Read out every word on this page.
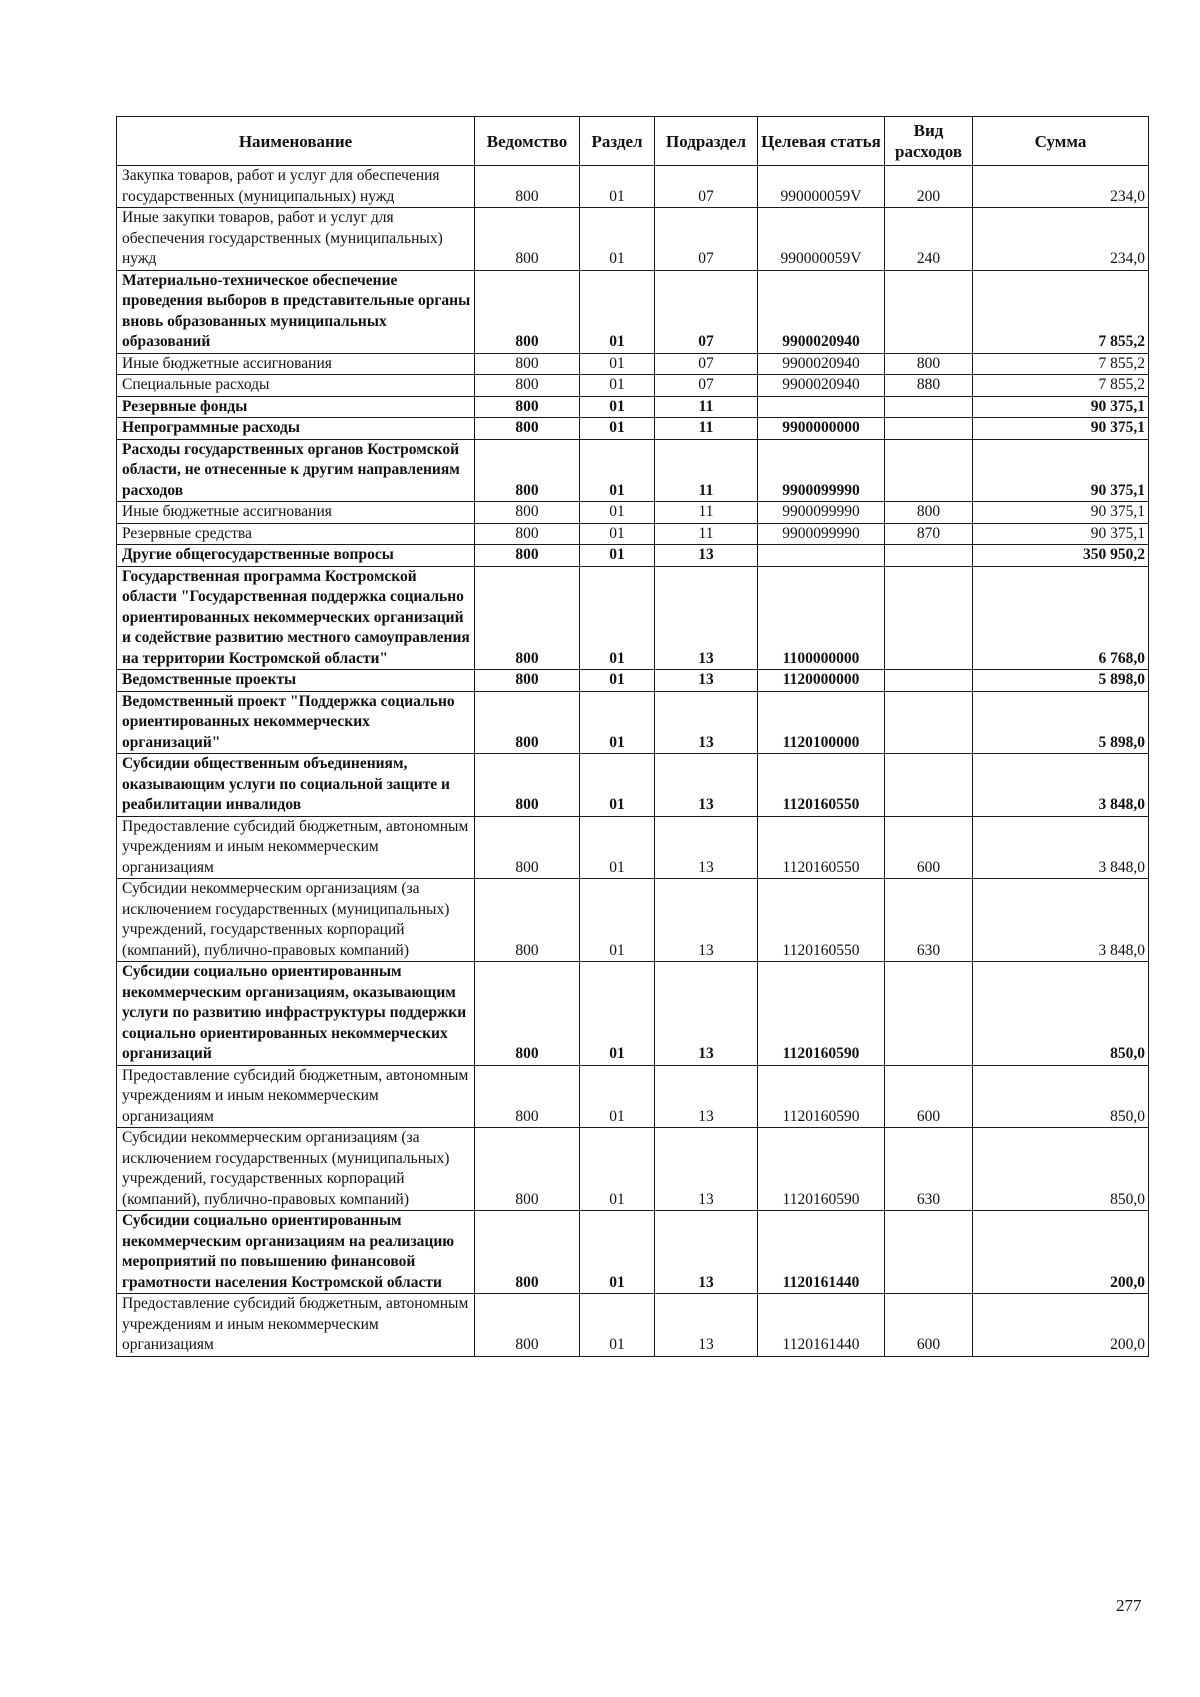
Наименование	Ведомство	Раздел	Подраздел	Целевая статья	Вид расходов	Сумма
Закупка товаров, работ и услуг для обеспечения государственных (муниципальных) нужд	800	01	07	990000059V	200	234,0
Иные закупки товаров, работ и услуг для обеспечения государственных (муниципальных) нужд	800	01	07	990000059V	240	234,0
Материально-техническое обеспечение проведения выборов в представительные органы вновь образованных муниципальных образований	800	01	07	9900020940		7 855,2
Иные бюджетные ассигнования	800	01	07	9900020940	800	7 855,2
Специальные расходы	800	01	07	9900020940	880	7 855,2
Резервные фонды	800	01	11			90 375,1
Непрограммные расходы	800	01	11	9900000000		90 375,1
Расходы государственных органов Костромской области, не отнесенные к другим направлениям расходов	800	01	11	9900099990		90 375,1
Иные бюджетные ассигнования	800	01	11	9900099990	800	90 375,1
Резервные средства	800	01	11	9900099990	870	90 375,1
Другие общегосударственные вопросы	800	01	13			350 950,2
Государственная программа Костромской области "Государственная поддержка социально ориентированных некоммерческих организаций и содействие развитию местного самоуправления на территории Костромской области"	800	01	13	1100000000		6 768,0
Ведомственные проекты	800	01	13	1120000000		5 898,0
Ведомственный проект "Поддержка социально ориентированных некоммерческих организаций"	800	01	13	1120100000		5 898,0
Субсидии общественным объединениям, оказывающим услуги по социальной защите и реабилитации инвалидов	800	01	13	1120160550		3 848,0
Предоставление субсидий бюджетным, автономным учреждениям и иным некоммерческим организациям	800	01	13	1120160550	600	3 848,0
Субсидии некоммерческим организациям (за исключением государственных (муниципальных) учреждений, государственных корпораций (компаний), публично-правовых компаний)	800	01	13	1120160550	630	3 848,0
Субсидии социально ориентированным некоммерческим организациям, оказывающим услуги по развитию инфраструктуры поддержки социально ориентированных некоммерческих организаций	800	01	13	1120160590		850,0
Предоставление субсидий бюджетным, автономным учреждениям и иным некоммерческим организациям	800	01	13	1120160590	600	850,0
Субсидии некоммерческим организациям (за исключением государственных (муниципальных) учреждений, государственных корпораций (компаний), публично-правовых компаний)	800	01	13	1120160590	630	850,0
Субсидии социально ориентированным некоммерческим организациям на реализацию мероприятий по повышению финансовой грамотности населения Костромской области	800	01	13	1120161440		200,0
Предоставление субсидий бюджетным, автономным учреждениям и иным некоммерческим организациям	800	01	13	1120161440	600	200,0
277
